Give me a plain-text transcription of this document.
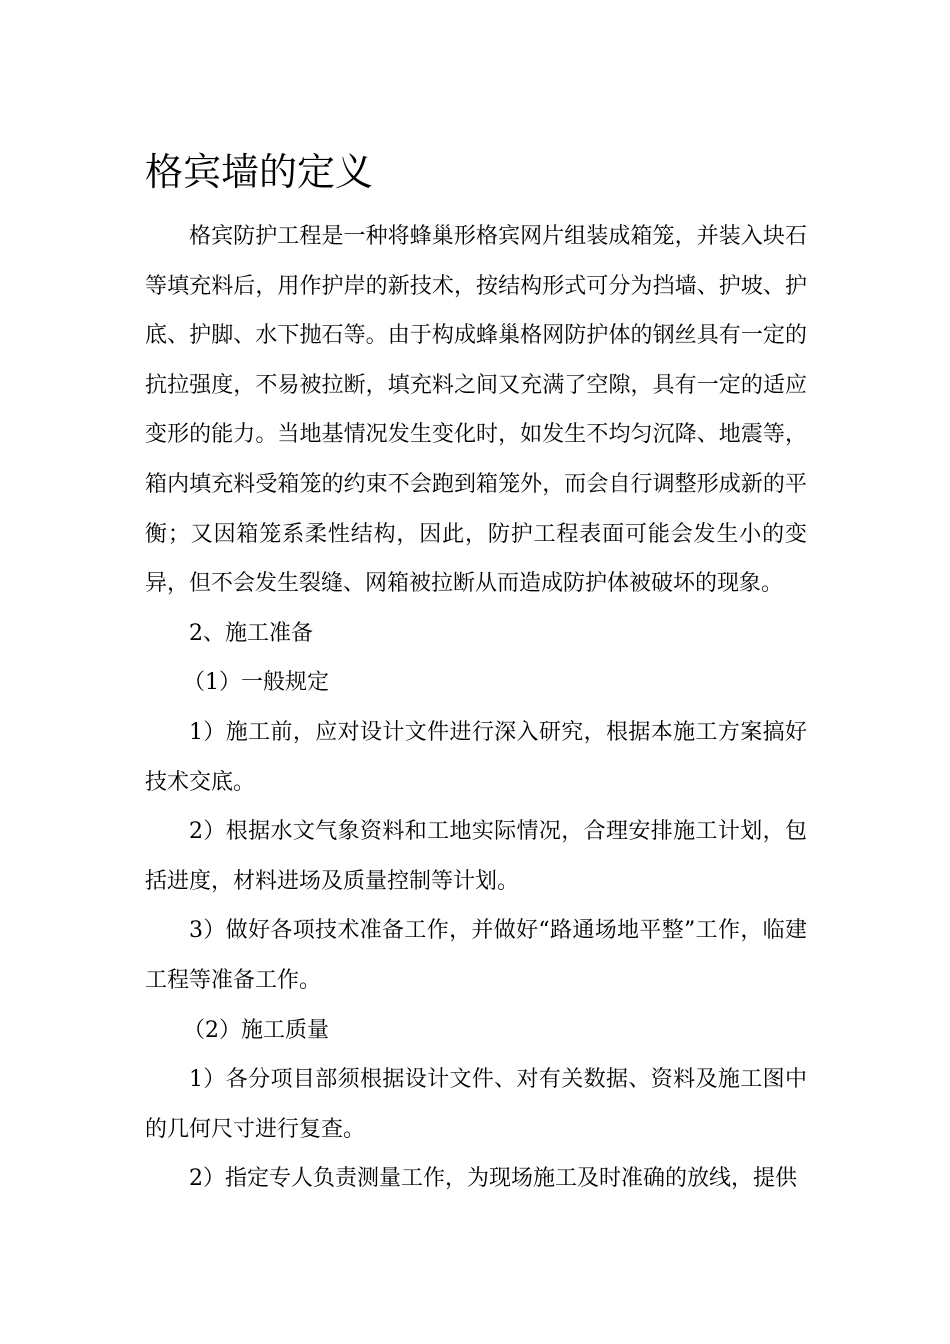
格宾墙的定义

格宾防护工程是一种将蜂巢形格宾网片组装成箱笼，并装入块石等填充料后，用作护岸的新技术，按结构形式可分为挡墙、护坡、护底、护脚、水下抛石等。由于构成蜂巢格网防护体的钢丝具有一定的抗拉强度，不易被拉断，填充料之间又充满了空隙，具有一定的适应变形的能力。当地基情况发生变化时，如发生不均匀沉降、地震等，箱内填充料受箱笼的约束不会跑到箱笼外，而会自行调整形成新的平衡；又因箱笼系柔性结构，因此，防护工程表面可能会发生小的变异，但不会发生裂缝、网箱被拉断从而造成防护体被破坏的现象。

2、施工准备

（1）一般规定

1）施工前，应对设计文件进行深入研究，根据本施工方案搞好技术交底。

2）根据水文气象资料和工地实际情况，合理安排施工计划，包括进度，材料进场及质量控制等计划。

3）做好各项技术准备工作，并做好“路通场地平整”工作，临建工程等准备工作。

（2）施工质量

1）各分项目部须根据设计文件、对有关数据、资料及施工图中的几何尺寸进行复查。

2）指定专人负责测量工作，为现场施工及时准确的放线，提供
